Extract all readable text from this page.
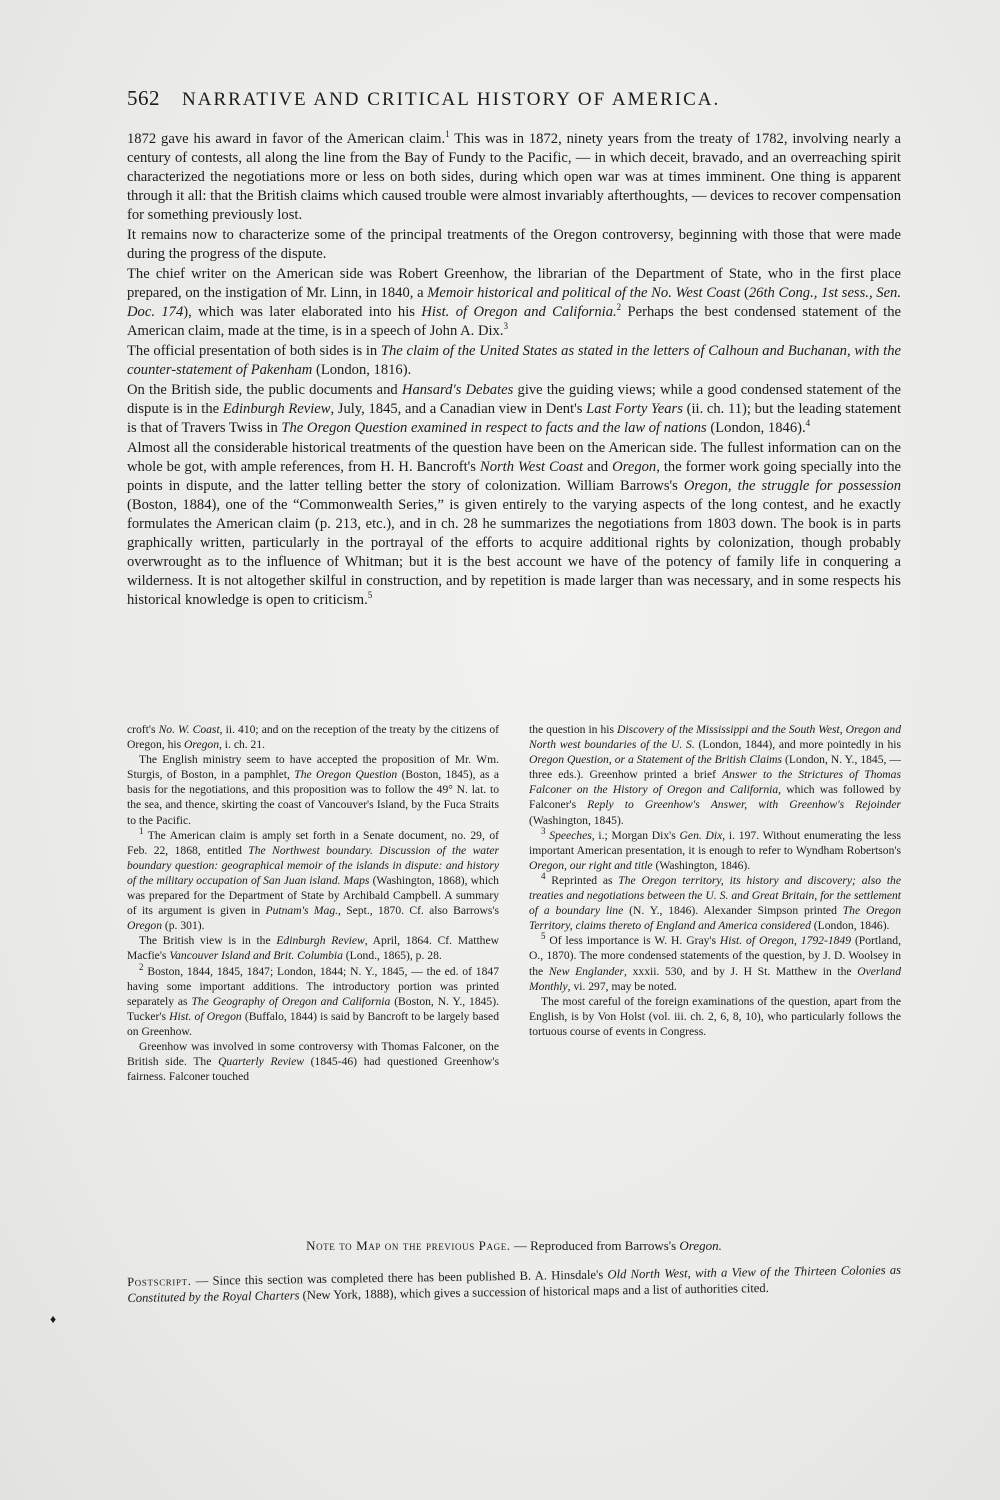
562 NARRATIVE AND CRITICAL HISTORY OF AMERICA.

1872 gave his award in favor of the American claim.$^1$ This was in 1872, ninety years from the treaty of 1782, involving nearly a century of contests, all along the line from the Bay of Fundy to the Pacific, — in which deceit, bravado, and an overreaching spirit characterized the negotiations more or less on both sides, during which open war was at times imminent. One thing is apparent through it all: that the British claims which caused trouble were almost invariably afterthoughts, — devices to recover compensation for something previously lost.

It remains now to characterize some of the principal treatments of the Oregon controversy, beginning with those that were made during the progress of the dispute.

The chief writer on the American side was Robert Greenhow, the librarian of the Department of State, who in the first place prepared, on the instigation of Mr. Linn, in 1840, a Memoir historical and political of the No. West Coast (26th Cong., 1st sess., Sen. Doc. 174), which was later elaborated into his Hist. of Oregon and California.$^2$ Perhaps the best condensed statement of the American claim, made at the time, is in a speech of John A. Dix.$^3$

The official presentation of both sides is in The claim of the United States as stated in the letters of Calhoun and Buchanan, with the counter-statement of Pakenham (London, 1816).

On the British side, the public documents and Hansard's Debates give the guiding views; while a good condensed statement of the dispute is in the Edinburgh Review, July, 1845, and a Canadian view in Dent's Last Forty Years (ii. ch. 11); but the leading statement is that of Travers Twiss in The Oregon Question examined in respect to facts and the law of nations (London, 1846).$^4$

Almost all the considerable historical treatments of the question have been on the American side. The fullest information can on the whole be got, with ample references, from H. H. Bancroft's North West Coast and Oregon, the former work going specially into the points in dispute, and the latter telling better the story of colonization. William Barrows's Oregon, the struggle for possession (Boston, 1884), one of the “Commonwealth Series,” is given entirely to the varying aspects of the long contest, and he exactly formulates the American claim (p. 213, etc.), and in ch. 28 he summarizes the negotiations from 1803 down. The book is in parts graphically written, particularly in the portrayal of the efforts to acquire additional rights by colonization, though probably overwrought as to the influence of Whitman; but it is the best account we have of the potency of family life in conquering a wilderness. It is not altogether skilful in construction, and by repetition is made larger than was necessary, and in some respects his historical knowledge is open to criticism.$^5$

croft's No. W. Coast, ii. 410; and on the reception of the treaty by the citizens of Oregon, his Oregon, i. ch. 21.

The English ministry seem to have accepted the proposition of Mr. Wm. Sturgis, of Boston, in a pamphlet, The Oregon Question (Boston, 1845), as a basis for the negotiations, and this proposition was to follow the 49° N. lat. to the sea, and thence, skirting the coast of Vancouver's Island, by the Fuca Straits to the Pacific.

$^1$ The American claim is amply set forth in a Senate document, no. 29, of Feb. 22, 1868, entitled The Northwest boundary. Discussion of the water boundary question: geographical memoir of the islands in dispute: and history of the military occupation of San Juan island. Maps (Washington, 1868), which was prepared for the Department of State by Archibald Campbell. A summary of its argument is given in Putnam's Mag., Sept., 1870. Cf. also Barrows's Oregon (p. 301).

The British view is in the Edinburgh Review, April, 1864. Cf. Matthew Macfie's Vancouver Island and Brit. Columbia (Lond., 1865), p. 28.

$^2$ Boston, 1844, 1845, 1847; London, 1844; N. Y., 1845, — the ed. of 1847 having some important additions. The introductory portion was printed separately as The Geography of Oregon and California (Boston, N. Y., 1845). Tucker's Hist. of Oregon (Buffalo, 1844) is said by Bancroft to be largely based on Greenhow.

Greenhow was involved in some controversy with Thomas Falconer, on the British side. The Quarterly Review (1845-46) had questioned Greenhow's fairness. Falconer touched

the question in his Discovery of the Mississippi and the South West, Oregon and North west boundaries of the U. S. (London, 1844), and more pointedly in his Oregon Question, or a Statement of the British Claims (London, N. Y., 1845, — three eds.). Greenhow printed a brief Answer to the Strictures of Thomas Falconer on the History of Oregon and California, which was followed by Falconer's Reply to Greenhow's Answer, with Greenhow's Rejoinder (Washington, 1845).

$^3$ Speeches, i.; Morgan Dix's Gen. Dix, i. 197. Without enumerating the less important American presentation, it is enough to refer to Wyndham Robertson's Oregon, our right and title (Washington, 1846).

$^4$ Reprinted as The Oregon territory, its history and discovery; also the treaties and negotiations between the U. S. and Great Britain, for the settlement of a boundary line (N. Y., 1846). Alexander Simpson printed The Oregon Territory, claims thereto of England and America considered (London, 1846).

$^5$ Of less importance is W. H. Gray's Hist. of Oregon, 1792-1849 (Portland, O., 1870). The more condensed statements of the question, by J. D. Woolsey in the New Englander, xxxii. 530, and by J. H St. Matthew in the Overland Monthly, vi. 297, may be noted.

The most careful of the foreign examinations of the question, apart from the English, is by Von Holst (vol. iii. ch. 2, 6, 8, 10), who particularly follows the tortuous course of events in Congress.

Note to Map on the previous Page. — Reproduced from Barrows's Oregon.
Postscript. — Since this section was completed there has been published B. A. Hinsdale's Old North West, with a View of the Thirteen Colonies as Constituted by the Royal Charters (New York, 1888), which gives a succession of historical maps and a list of authorities cited.
♦
